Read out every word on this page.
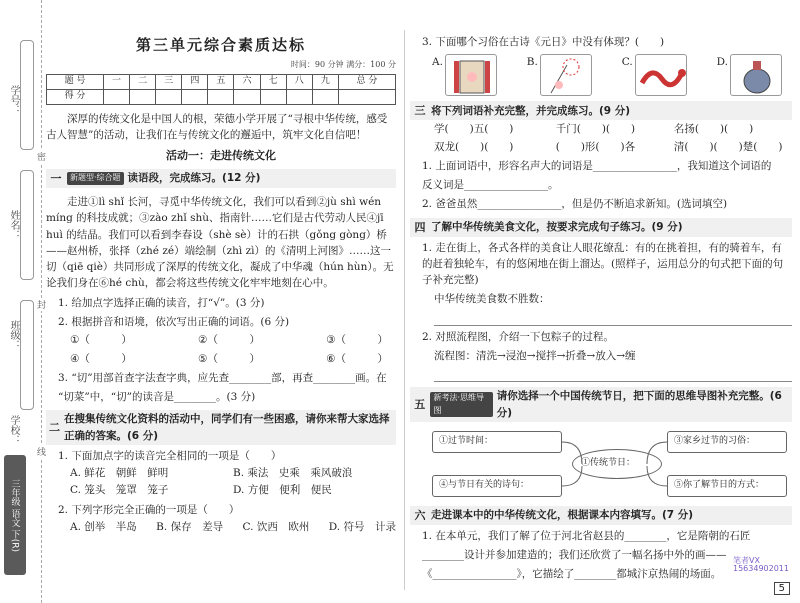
学号：
姓名：
班级：
学校：
密
封
线
三年级 语文 下(R)
第三单元综合素质达标
时间：90 分钟 满分：100 分
题 号	一	二	三	四	五	六	七	八	九	总 分
得 分										

深厚的传统文化是中国人的根，荣德小学开展了“寻根中华传统，感受古人智慧”的活动，让我们在与传统文化的邂逅中，筑牢文化自信吧！

活动一：走进传统文化
一	新题型·综合题 读语段，完成练习。(12 分)

走进①lì shǐ 长河，寻觅中华传统文化，我们可以看到②jù shì wén míng 的科技成就；③zào zhǐ shù、指南针……它们是古代劳动人民④jī huì 的结晶。我们可以看到李春设（shè sè）计的石拱（gǒng gòng）桥——赵州桥，张择（zhé zé）端绘制（zhì zì）的《清明上河图》……这一切（qiē qiè）共同形成了深厚的传统文化，凝成了中华魂（hún hùn）。无论我们身在⑥hé chù，都会将这些传统文化牢牢地刻在心中。

1. 给加点字选择正确的读音，打“√”。(3 分)

2. 根据拼音和语境，依次写出正确的词语。(6 分)

①（　　　）	②（　　　）	③（　　　）
④（　　　）	⑤（　　　）	⑥（　　　）

3. “切”用部首查字法查字典，应先查________部，再查________画。在

“切菜”中，“切”的读音是________。(3 分)

二
在搜集传统文化资料的活动中，同学们有一些困惑，请你来帮大家选择正确的答案。(6 分)

1. 下面加点字的读音完全相同的一项是（　　）

A. 鲜花　朝鲜　鲜明	B. 乘法　史乘　乘风破浪
C. 笼头　笼罩　笼子	D. 方便　便利　便民

2. 下列字形完全正确的一项是（　　）

A. 创举　半岛 B. 保存　差导 C. 饮西　欧州 D. 符号　计录

3. 下面哪个习俗在古诗《元日》中没有体现？(　　)

A.	B.	C.	D.
三 将下列词语补充完整，并完成练习。(9 分)
学(　　)五(　　)	千门(　　)(　　)	名扬(　　)(　　)
双龙(　　)(　　)	(　　)形(　　)各	清(　　)(　　)楚(　　)

1. 上面词语中，形容名声大的词语是________________，我知道这个词语的

反义词是________________。

2. 爸爸虽然________________，但是仍不断追求新知。(选词填空)

四 了解中华传统美食文化，按要求完成句子练习。(9 分)

1. 走在街上，各式各样的美食让人眼花缭乱：有的在挑着担，有的骑着车，有的赶着独轮车，有的悠闲地在街上溜达。(照样子，运用总分的句式把下面的句子补充完整)

中华传统美食数不胜数：

2. 对照流程图，介绍一下包粽子的过程。

流程图：清洗→浸泡→搅拌→折叠→放入→缠

五
新考法·思维导图
请你选择一个中国传统节日，把下面的思维导图补充完整。(6 分)
①过节时间：
④与节日有关的诗句：
①传统节日：
③家乡过节的习俗：
⑤你了解节日的方式：
六 走进课本中的中华传统文化，根据课本内容填写。(7 分)

1. 在本单元，我们了解了位于河北省赵县的________，它是隋朝的石匠

________设计并参加建造的；我们还欣赏了一幅名扬中外的画——

《________________》，它描绘了________都城汴京热闹的场面。

笔者VX
15634902011
5
